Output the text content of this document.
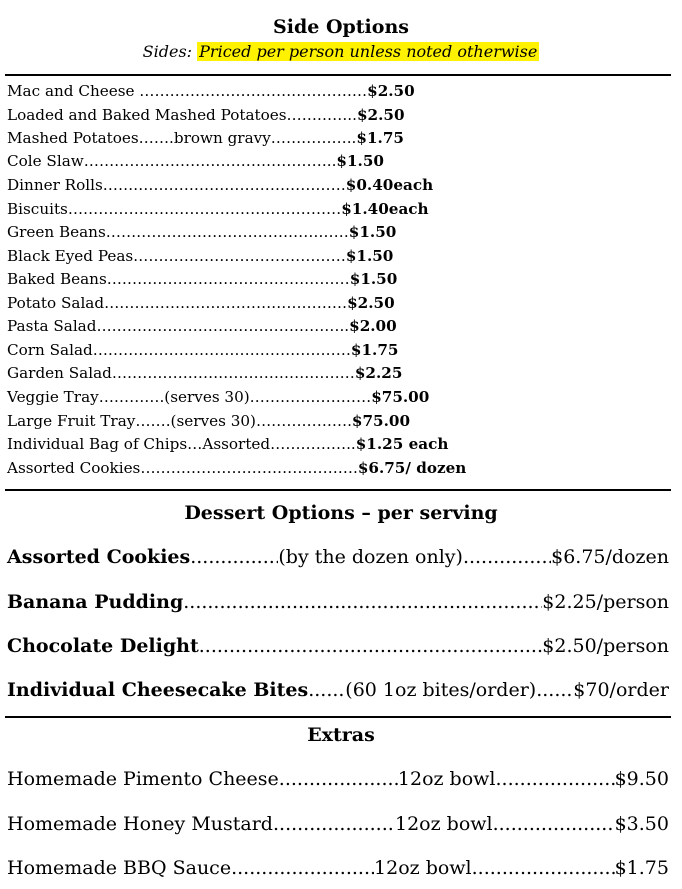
Side Options
Sides: Priced per person unless noted otherwise
Mac and Cheese ………………………………………$2.50
Loaded and Baked Mashed Potatoes…………..$2.50
Mashed Potatoes…….brown gravy……………..$1.75
Cole Slaw…………………………………………..$1.50
Dinner Rolls…………………………………………$0.40each
Biscuits………………………………………………$1.40each
Green Beans…………………………………………$1.50
Black Eyed Peas……………………………………$1.50
Baked Beans…………………………………………$1.50
Potato Salad…………………………………………$2.50
Pasta Salad…………………………………………..$2.00
Corn Salad……………………………………………$1.75
Garden Salad…………………………………………$2.25
Veggie Tray………….(serves 30)……………………$75.00
Large Fruit Tray…….(serves 30)……………….$75.00
Individual Bag of Chips…Assorted……………..$1.25 each
Assorted Cookies…………………………………….$6.75/ dozen
Dessert Options – per serving
Assorted Cookies .....	(by the dozen only) .....	$6.75/dozen
Banana Pudding .....	$2.25/person
Chocolate Delight .....	$2.50/person
Individual Cheesecake Bites ..... (60 1oz bites/order) ..... $70/order
Extras
Homemade Pimento Cheese .....	12oz bowl .....	$9.50
Homemade Honey Mustard .....	12oz bowl .....	$3.50
Homemade BBQ Sauce .....	12oz bowl .....	$1.75
